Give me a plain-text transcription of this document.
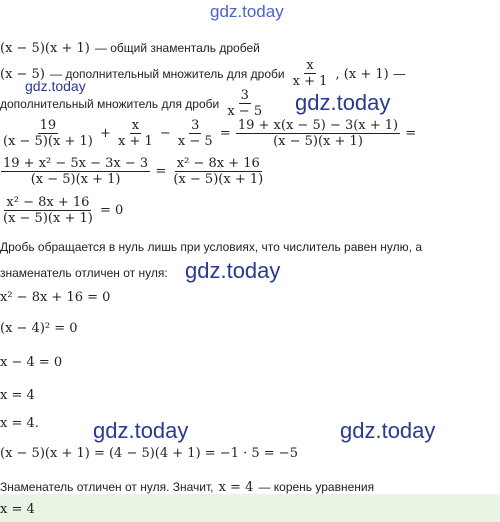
gdz.today
(x − 5)(x + 1) — общий знаменталь дробей
(x − 5) — дополнительный множитель для дроби $\frac{x}{x + 1}$ , (x + 1) —
gdz.today
дополнительный множитель для дроби $\frac{3}{x - 5}$ gdz.today
$\frac{19}{(x - 5)(x + 1)} + \frac{x}{x + 1} - \frac{3}{x - 5} = \frac{19 + x(x - 5) - 3(x + 1)}{(x - 5)(x + 1)}$ =
$\frac{\text{19 + x² − 5x − 3x − 3}}{(x - 5)(x + 1)} = \frac{\text{x² − 8x + 16}}{(x - 5)(x + 1)}$
$\frac{\text{x² − 8x + 16}}{(x - 5)(x + 1)} = 0$
Дробь обращается в нуль лишь при условиях, что числитель равен нулю, а
знаменатель отличен от нуля: gdz.today
x² − 8x + 16 = 0
(x − 4)² = 0
x − 4 = 0
x = 4
x = 4. gdz.today	gdz.today
(x − 5)(x + 1) = (4 − 5)(4 + 1) = −1 · 5 = −5
Знаменатель отличен от нуля. Значит, x = 4 — корень уравнения
x = 4
